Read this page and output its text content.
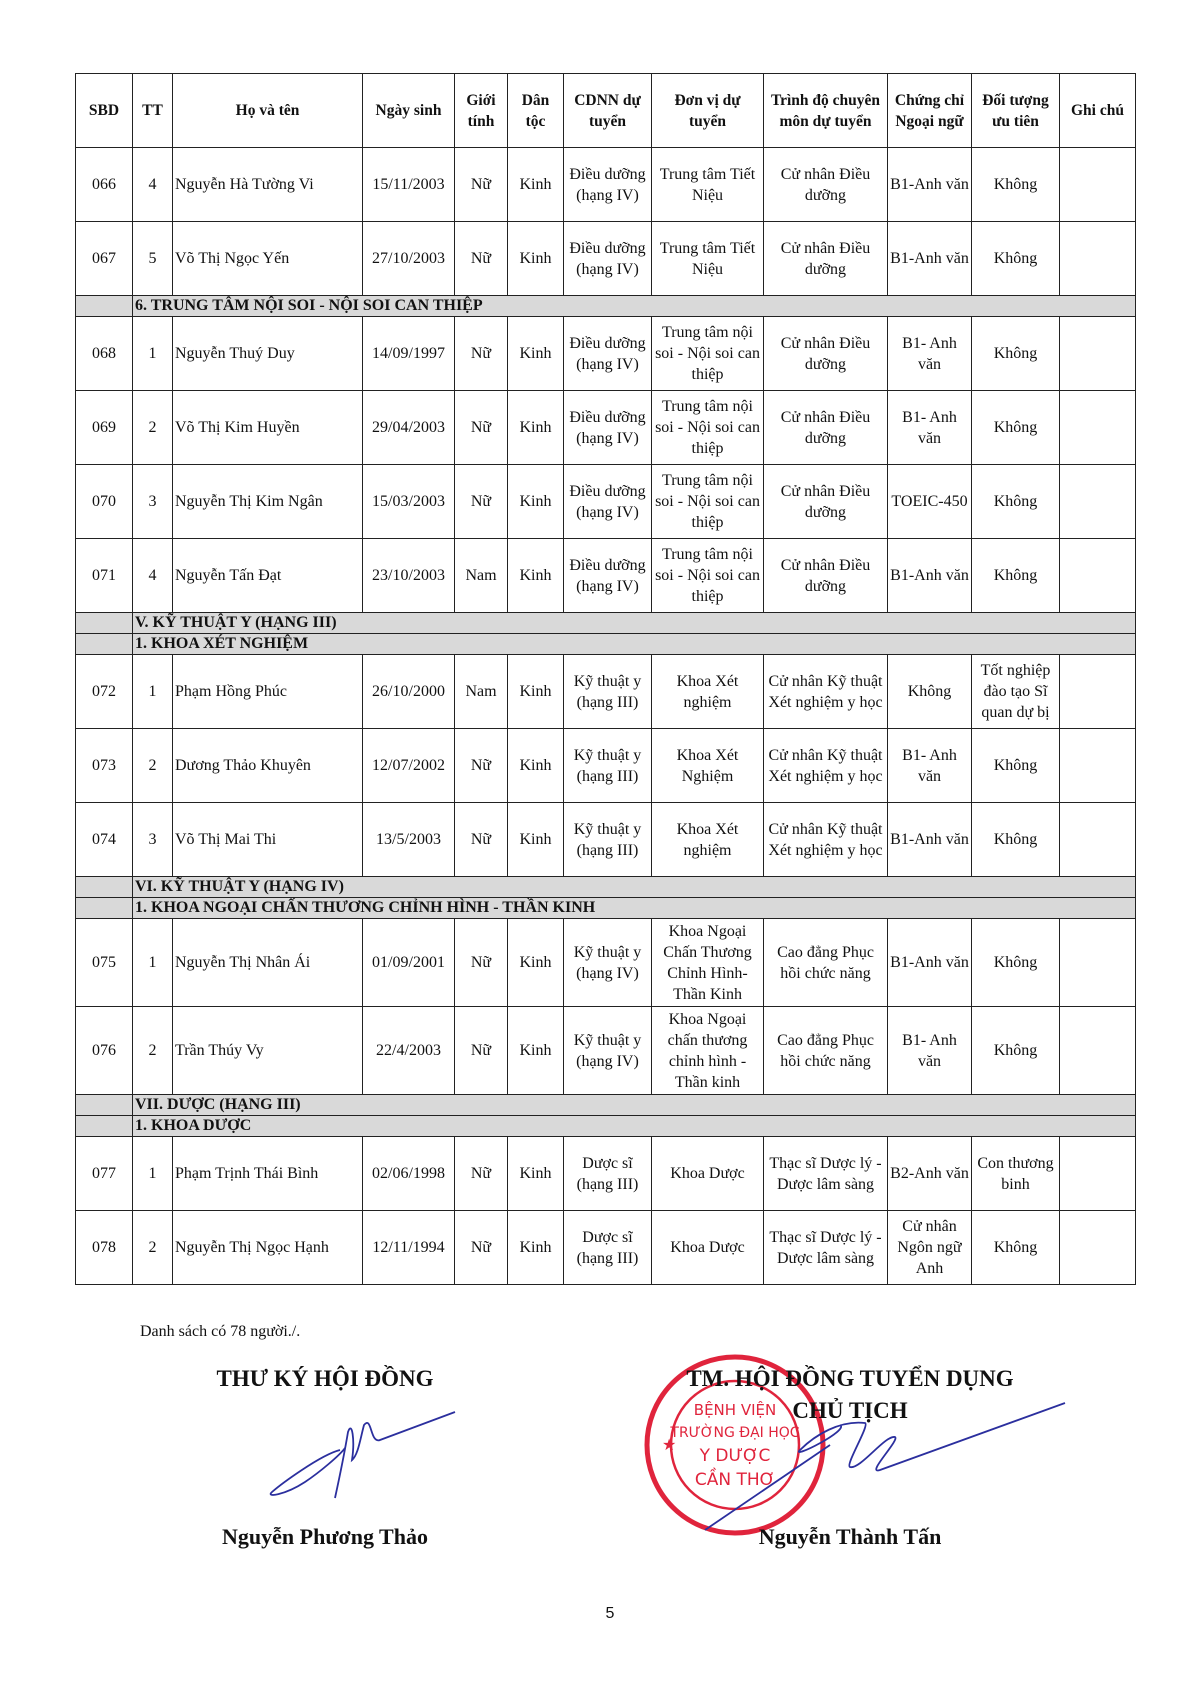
SBD	TT	Họ và tên	Ngày sinh	Giới tính	Dân tộc	CDNN dự tuyển	Đơn vị dự tuyển	Trình độ chuyên môn dự tuyển	Chứng chỉ Ngoại ngữ	Đối tượng ưu tiên	Ghi chú
066	4	Nguyễn Hà Tường Vi	15/11/2003	Nữ	Kinh	Điều dưỡng (hạng IV)	Trung tâm Tiết Niệu	Cử nhân Điều dưỡng	B1-Anh văn	Không	
067	5	Võ Thị Ngọc Yến	27/10/2003	Nữ	Kinh	Điều dưỡng (hạng IV)	Trung tâm Tiết Niệu	Cử nhân Điều dưỡng	B1-Anh văn	Không	
	6. TRUNG TÂM NỘI SOI - NỘI SOI CAN THIỆP										
068	1	Nguyễn Thuý Duy	14/09/1997	Nữ	Kinh	Điều dưỡng (hạng IV)	Trung tâm nội soi - Nội soi can thiệp	Cử nhân Điều dưỡng	B1- Anh văn	Không	
069	2	Võ Thị Kim Huyền	29/04/2003	Nữ	Kinh	Điều dưỡng (hạng IV)	Trung tâm nội soi - Nội soi can thiệp	Cử nhân Điều dưỡng	B1- Anh văn	Không	
070	3	Nguyễn Thị Kim Ngân	15/03/2003	Nữ	Kinh	Điều dưỡng (hạng IV)	Trung tâm nội soi - Nội soi can thiệp	Cử nhân Điều dưỡng	TOEIC-450	Không	
071	4	Nguyễn Tấn Đạt	23/10/2003	Nam	Kinh	Điều dưỡng (hạng IV)	Trung tâm nội soi - Nội soi can thiệp	Cử nhân Điều dưỡng	B1-Anh văn	Không	
	V. KỸ THUẬT Y (HẠNG III)										
	1. KHOA XÉT NGHIỆM										
072	1	Phạm Hồng Phúc	26/10/2000	Nam	Kinh	Kỹ thuật y (hạng III)	Khoa Xét nghiệm	Cử nhân Kỹ thuật Xét nghiệm y học	Không	Tốt nghiệp đào tạo Sĩ quan dự bị	
073	2	Dương Thảo Khuyên	12/07/2002	Nữ	Kinh	Kỹ thuật y (hạng III)	Khoa Xét Nghiệm	Cử nhân Kỹ thuật Xét nghiệm y học	B1- Anh văn	Không	
074	3	Võ Thị Mai Thi	13/5/2003	Nữ	Kinh	Kỹ thuật y (hạng III)	Khoa Xét nghiệm	Cử nhân Kỹ thuật Xét nghiệm y học	B1-Anh văn	Không	
	VI. KỸ THUẬT Y (HẠNG IV)										
	1. KHOA NGOẠI CHẤN THƯƠNG CHỈNH HÌNH - THẦN KINH										
075	1	Nguyễn Thị Nhân Ái	01/09/2001	Nữ	Kinh	Kỹ thuật y (hạng IV)	Khoa Ngoại Chấn Thương Chỉnh Hình-Thần Kinh	Cao đẳng Phục hồi chức năng	B1-Anh văn	Không	
076	2	Trần Thúy Vy	22/4/2003	Nữ	Kinh	Kỹ thuật y (hạng IV)	Khoa Ngoại chấn thương chỉnh hình - Thần kinh	Cao đẳng Phục hồi chức năng	B1- Anh văn	Không	
	VII. DƯỢC (HẠNG III)										
	1. KHOA DƯỢC										
077	1	Phạm Trịnh Thái Bình	02/06/1998	Nữ	Kinh	Dược sĩ (hạng III)	Khoa Dược	Thạc sĩ Dược lý - Dược lâm sàng	B2-Anh văn	Con thương binh	
078	2	Nguyễn Thị Ngọc Hạnh	12/11/1994	Nữ	Kinh	Dược sĩ (hạng III)	Khoa Dược	Thạc sĩ Dược lý - Dược lâm sàng	Cử nhân Ngôn ngữ Anh	Không	
Danh sách có 78 người./.
THƯ KÝ HỘI ĐỒNG
BỆNH VIỆN
TRƯỜNG ĐẠI HỌC
Y DƯỢC
CẦN THƠ
★
TM. HỘI ĐỒNG TUYỂN DỤNG
CHỦ TỊCH
Nguyễn Phương Thảo	Nguyễn Thành Tấn
5
